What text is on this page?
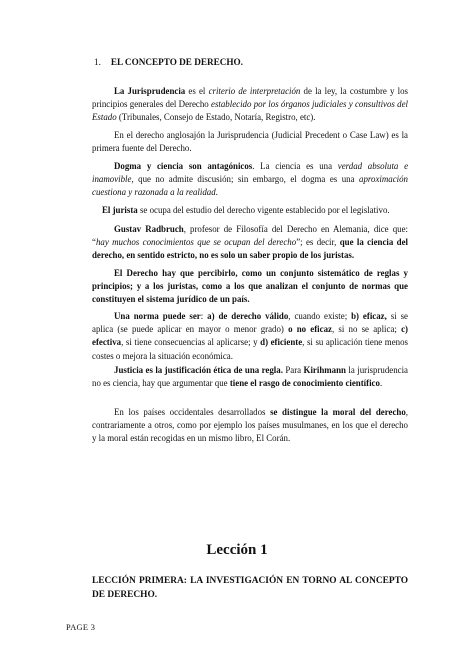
1. EL CONCEPTO DE DERECHO.

La Jurisprudencia es el criterio de interpretación de la ley, la costumbre y los principios generales del Derecho establecido por los órganos judiciales y consultivos del Estado (Tribunales, Consejo de Estado, Notaría, Registro, etc).

En el derecho anglosajón la Jurisprudencia (Judicial Precedent o Case Law) es la primera fuente del Derecho.

Dogma y ciencia son antagónicos. La ciencia es una verdad absoluta e inamovible, que no admite discusión; sin embargo, el dogma es una aproximación cuestiona y razonada a la realidad.

El jurista se ocupa del estudio del derecho vigente establecido por el legislativo.

Gustav Radbruch, profesor de Filosofía del Derecho en Alemania, dice que: “hay muchos conocimientos que se ocupan del derecho”; es decir, que la ciencia del derecho, en sentido estricto, no es solo un saber propio de los juristas.

El Derecho hay que percibirlo, como un conjunto sistemático de reglas y principios; y a los juristas, como a los que analizan el conjunto de normas que constituyen el sistema jurídico de un país.

Una norma puede ser: a) de derecho válido, cuando existe; b) eficaz, si se aplica (se puede aplicar en mayor o menor grado) o no eficaz, si no se aplica; c) efectiva, si tiene consecuencias al aplicarse; y d) eficiente, si su aplicación tiene menos costes o mejora la situación económica.

Justicia es la justificación ética de una regla. Para Kirihmann la jurisprudencia no es ciencia, hay que argumentar que tiene el rasgo de conocimiento científico.

En los países occidentales desarrollados se distingue la moral del derecho, contrariamente a otros, como por ejemplo los países musulmanes, en los que el derecho y la moral están recogidas en un mismo libro, El Corán.

Lección 1
LECCIÓN PRIMERA: LA INVESTIGACIÓN EN TORNO AL CONCEPTO DE DERECHO.
PAGE 3
